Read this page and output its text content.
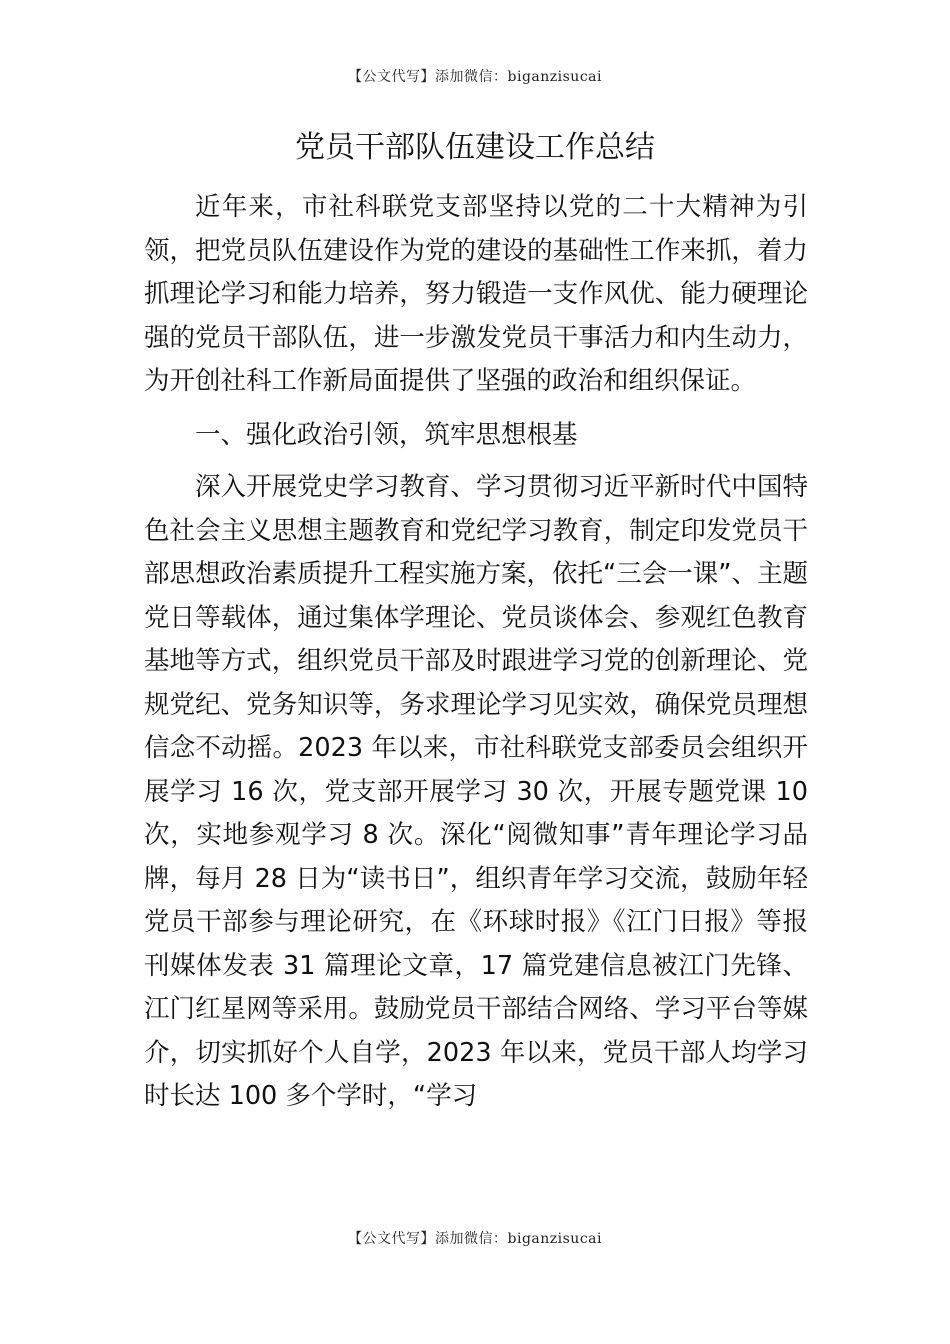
【公文代写】添加微信：biganzisucai
党员干部队伍建设工作总结

近年来，市社科联党支部坚持以党的二十大精神为引领，把党员队伍建设作为党的建设的基础性工作来抓，着力抓理论学习和能力培养，努力锻造一支作风优、能力硬理论强的党员干部队伍，进一步激发党员干事活力和内生动力，为开创社科工作新局面提供了坚强的政治和组织保证。

一、强化政治引领，筑牢思想根基

深入开展党史学习教育、学习贯彻习近平新时代中国特色社会主义思想主题教育和党纪学习教育，制定印发党员干部思想政治素质提升工程实施方案，依托“三会一课”、主题党日等载体，通过集体学理论、党员谈体会、参观红色教育基地等方式，组织党员干部及时跟进学习党的创新理论、党规党纪、党务知识等，务求理论学习见实效，确保党员理想信念不动摇。2023 年以来，市社科联党支部委员会组织开展学习 16 次，党支部开展学习 30 次，开展专题党课 10 次，实地参观学习 8 次。深化“阅微知事”青年理论学习品牌，每月 28 日为“读书日”，组织青年学习交流，鼓励年轻党员干部参与理论研究，在《环球时报》《江门日报》等报刊媒体发表 31 篇理论文章，17 篇党建信息被江门先锋、江门红星网等采用。鼓励党员干部结合网络、学习平台等媒介，切实抓好个人自学，2023 年以来，党员干部人均学习时长达 100 多个学时，“学习

【公文代写】添加微信：biganzisucai
